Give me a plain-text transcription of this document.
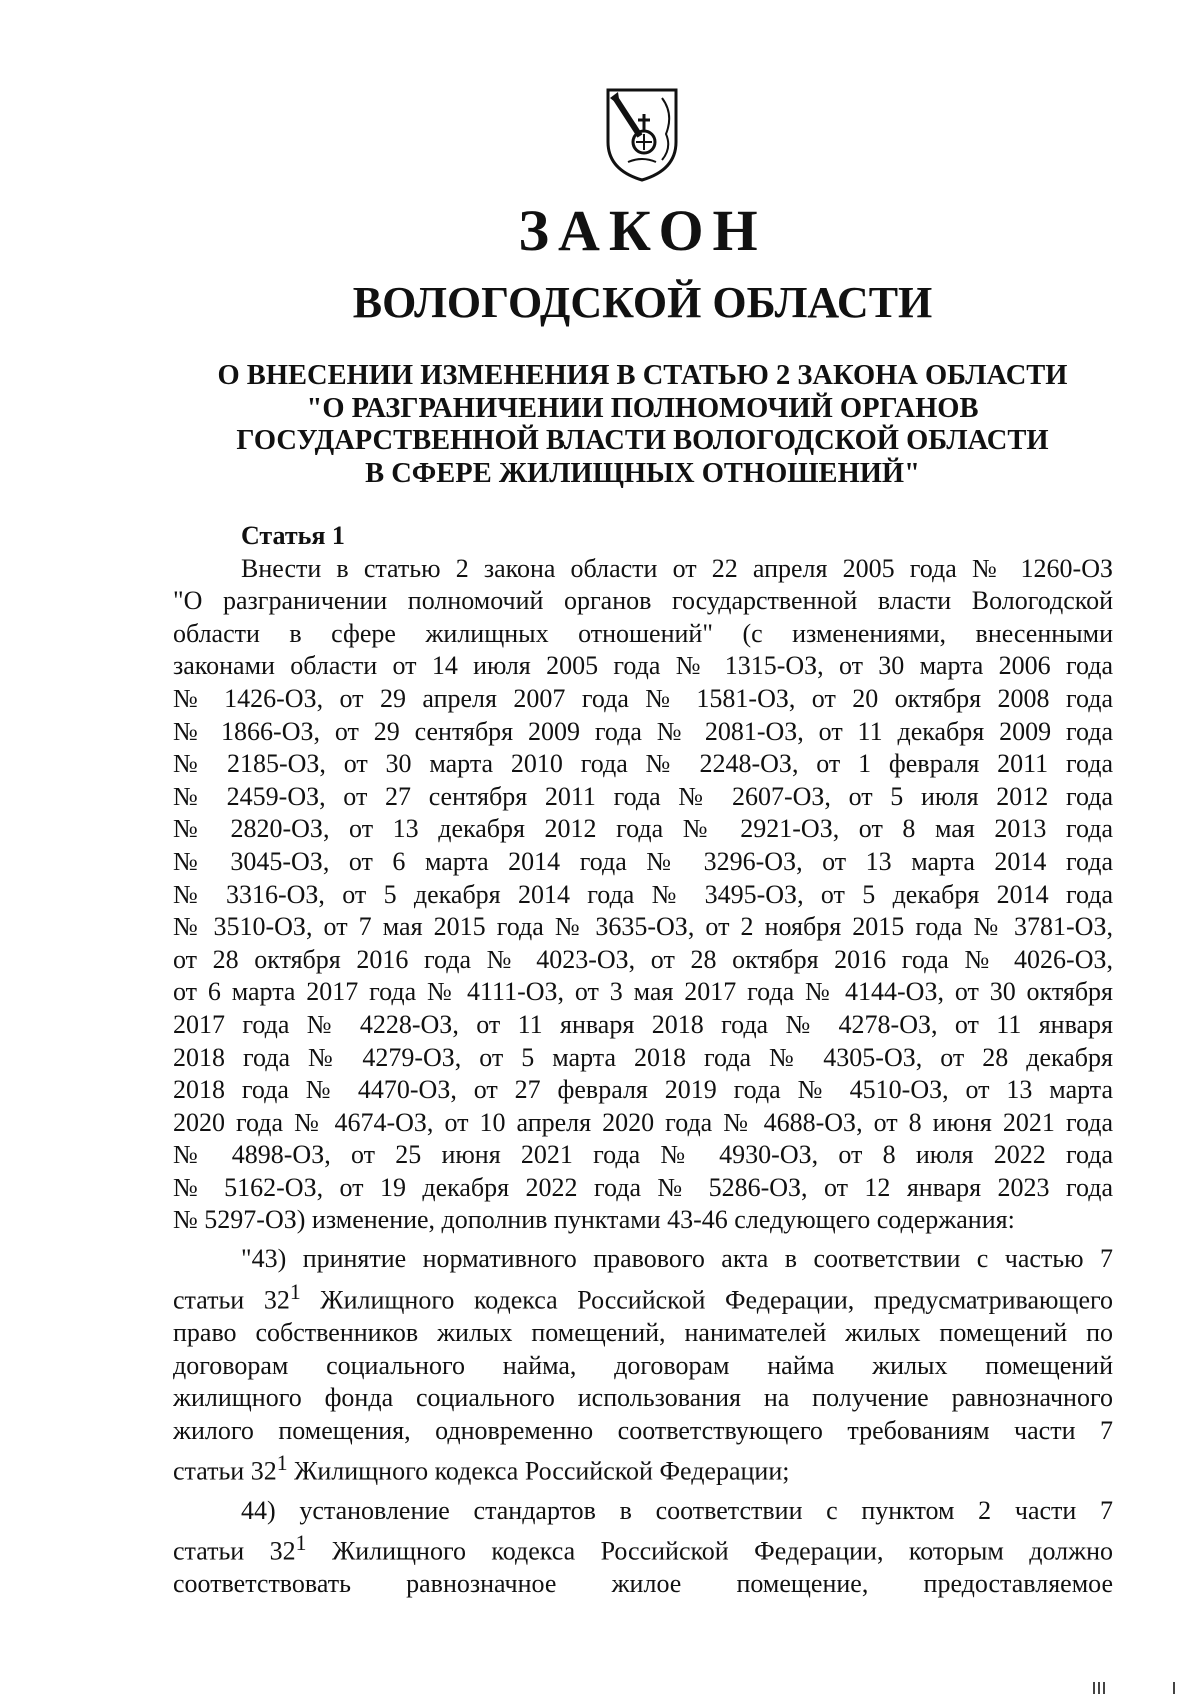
ЗАКОН
ВОЛОГОДСКОЙ ОБЛАСТИ
О ВНЕСЕНИИ ИЗМЕНЕНИЯ В СТАТЬЮ 2 ЗАКОНА ОБЛАСТИ
"О РАЗГРАНИЧЕНИИ ПОЛНОМОЧИЙ ОРГАНОВ
ГОСУДАРСТВЕННОЙ ВЛАСТИ ВОЛОГОДСКОЙ ОБЛАСТИ
В СФЕРЕ ЖИЛИЩНЫХ ОТНОШЕНИЙ"
Статья 1
Внести в статью 2 закона области от 22 апреля 2005 года № 1260-ОЗ
"О разграничении полномочий органов государственной власти Вологодской
области в сфере жилищных отношений" (с изменениями, внесенными
законами области от 14 июля 2005 года № 1315-ОЗ, от 30 марта 2006 года
№ 1426-ОЗ, от 29 апреля 2007 года № 1581-ОЗ, от 20 октября 2008 года
№ 1866-ОЗ, от 29 сентября 2009 года № 2081-ОЗ, от 11 декабря 2009 года
№ 2185-ОЗ, от 30 марта 2010 года № 2248-ОЗ, от 1 февраля 2011 года
№ 2459-ОЗ, от 27 сентября 2011 года № 2607-ОЗ, от 5 июля 2012 года
№ 2820-ОЗ, от 13 декабря 2012 года № 2921-ОЗ, от 8 мая 2013 года
№ 3045-ОЗ, от 6 марта 2014 года № 3296-ОЗ, от 13 марта 2014 года
№ 3316-ОЗ, от 5 декабря 2014 года № 3495-ОЗ, от 5 декабря 2014 года
№ 3510-ОЗ, от 7 мая 2015 года № 3635-ОЗ, от 2 ноября 2015 года № 3781-ОЗ,
от 28 октября 2016 года № 4023-ОЗ, от 28 октября 2016 года № 4026-ОЗ,
от 6 марта 2017 года № 4111-ОЗ, от 3 мая 2017 года № 4144-ОЗ, от 30 октября
2017 года № 4228-ОЗ, от 11 января 2018 года № 4278-ОЗ, от 11 января
2018 года № 4279-ОЗ, от 5 марта 2018 года № 4305-ОЗ, от 28 декабря
2018 года № 4470-ОЗ, от 27 февраля 2019 года № 4510-ОЗ, от 13 марта
2020 года № 4674-ОЗ, от 10 апреля 2020 года № 4688-ОЗ, от 8 июня 2021 года
№ 4898-ОЗ, от 25 июня 2021 года № 4930-ОЗ, от 8 июля 2022 года
№ 5162-ОЗ, от 19 декабря 2022 года № 5286-ОЗ, от 12 января 2023 года
№ 5297-ОЗ) изменение, дополнив пунктами 43-46 следующего содержания:
"43) принятие нормативного правового акта в соответствии с частью 7
статьи $32^1$ Жилищного кодекса Российской Федерации, предусматривающего
право собственников жилых помещений, нанимателей жилых помещений по
договорам социального найма, договорам найма жилых помещений
жилищного фонда социального использования на получение равнозначного
жилого помещения, одновременно соответствующего требованиям части 7
статьи $32^1$ Жилищного кодекса Российской Федерации;
44) установление стандартов в соответствии с пунктом 2 части 7
статьи $32^1$ Жилищного кодекса Российской Федерации, которым должно
соответствовать равнозначное жилое помещение, предоставляемое
